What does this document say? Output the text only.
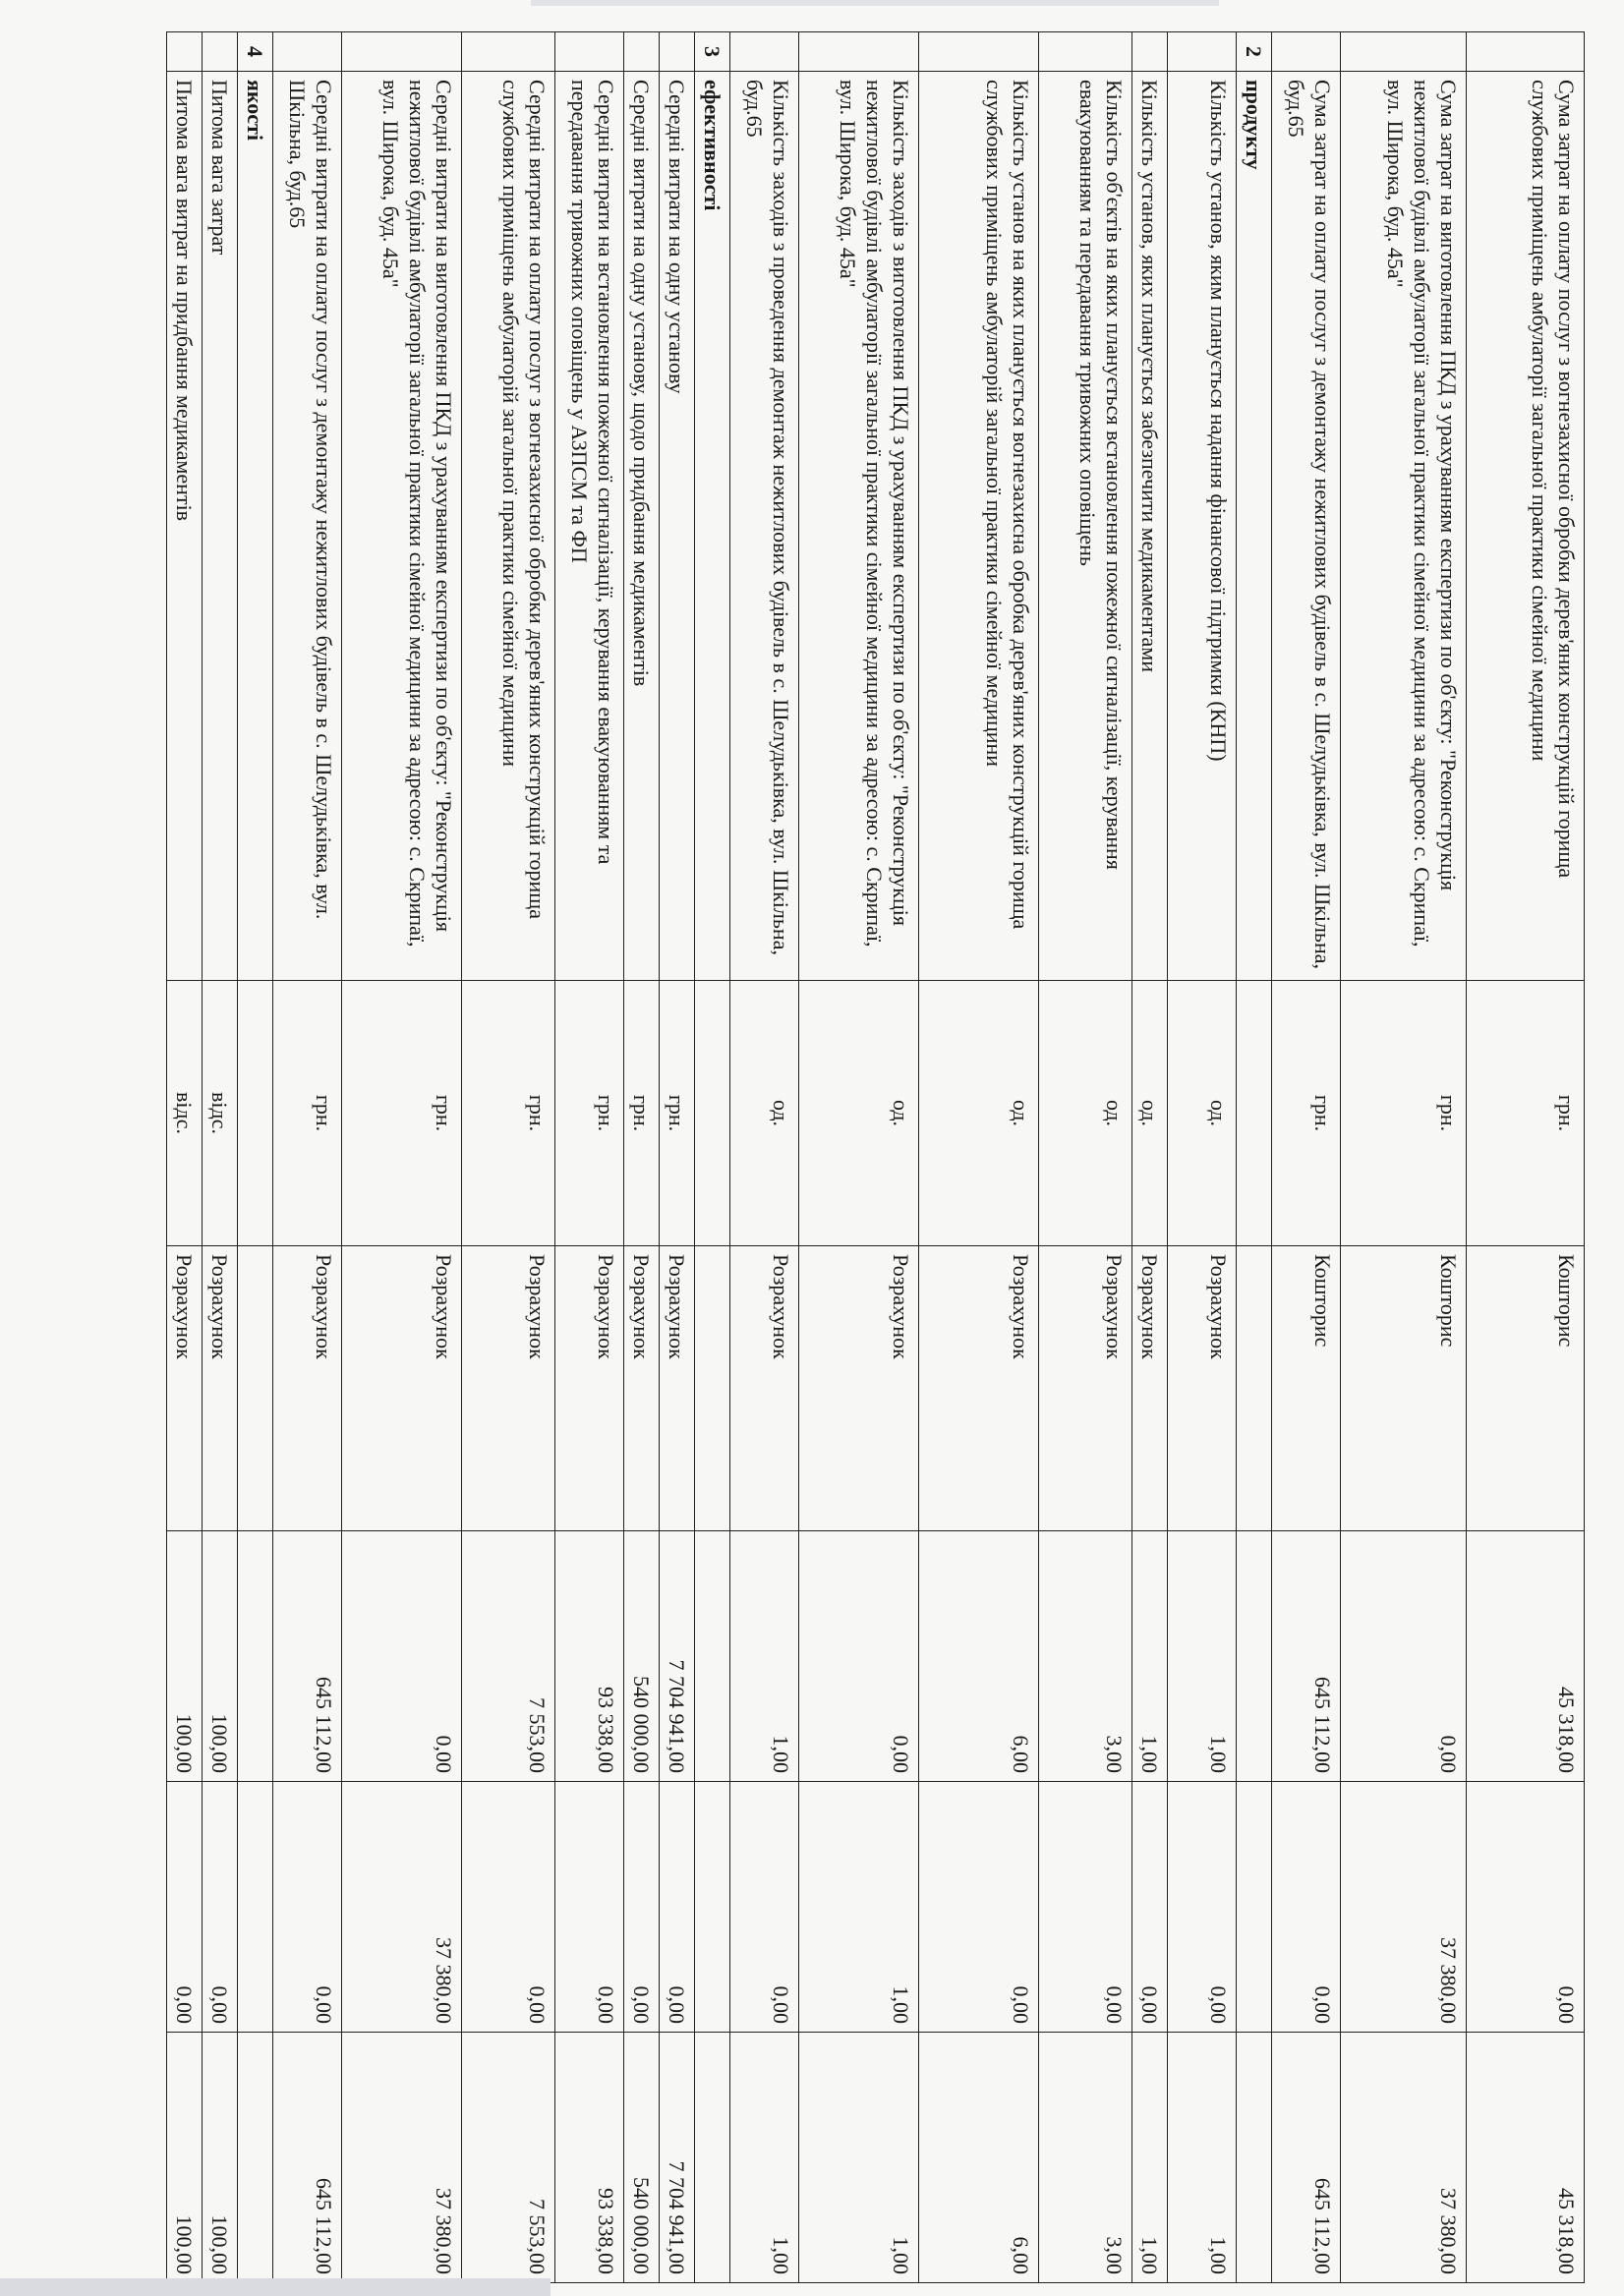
	Сума затрат на оплату послуг з вогнезахисної обробки дерев'яних конструкцій горища службових приміщень амбулаторії загальної практики сімейної медицини	грн.	Кошторис	45 318,00	0,00	45 318,00
	Сума затрат на виготовлення ПКД з урахуванням експертизи по об'єкту: "Реконструкція нежитлової будівлі амбулаторії загальної практики сімейної медицини за адресою: с. Скрипаї, вул. Широка, буд. 45а"	грн.	Кошторис	0,00	37 380,00	37 380,00
	Сума затрат на оплату послуг з демонтажу нежитлових будівель в с. Шелудьківка, вул. Шкільна, буд.65	грн.	Кошторис	645 112,00	0,00	645 112,00
2	продукту					
	Кількість установ, яким планується надання фінансової підтримки (КНП)	од.	Розрахунок	1,00	0,00	1,00
	Кількість установ, яких планується забезпечити медикаментами	од.	Розрахунок	1,00	0,00	1,00
	Кількість об'єктів на яких планується встановлення пожежної сигналізації, керування евакуюванням та передавання тривожних оповіщень	од.	Розрахунок	3,00	0,00	3,00
	Кількість установ на яких планується вогнезахисна обробка дерев'яних конструкцій горища службових приміщень амбулаторій загальної практики сімейної медицини	од.	Розрахунок	6,00	0,00	6,00
	Кількість заходів з виготовлення ПКД з урахуванням експертизи по об'єкту: "Реконструкція нежитлової будівлі амбулаторії загальної практики сімейної медицини за адресою: с. Скрипаї, вул. Широка, буд. 45а"	од.	Розрахунок	0,00	1,00	1,00
	Кількість заходів з проведення демонтаж нежитлових будівель в с. Шелудьківка, вул. Шкільна, буд.65	од.	Розрахунок	1,00	0,00	1,00
3	ефективності					
	Середні витрати на одну установу	грн.	Розрахунок	7 704 941,00	0,00	7 704 941,00
	Середні витрати на одну установу, щодо придбання медикаментів	грн.	Розрахунок	540 000,00	0,00	540 000,00
	Середні витрати на встановлення пожежної сигналізації, керування евакуюванням та передавання тривожних оповіщень у АЗПСМ та ФП	грн.	Розрахунок	93 338,00	0,00	93 338,00
	Середні витрати на оплату послуг з вогнезахисної обробки дерев'яних конструкцій горища службових приміщень амбулаторій загальної практики сімейної медицини	грн.	Розрахунок	7 553,00	0,00	7 553,00
	Середні витрати на виготовлення ПКД з урахуванням експертизи по об'єкту: "Реконструкція нежитлової будівлі амбулаторії загальної практики сімейної медицини за адресою: с. Скрипаї, вул. Широка, буд. 45а"	грн.	Розрахунок	0,00	37 380,00	37 380,00
	Середні витрати на оплату послуг з демонтажу нежитлових будівель в с. Шелудьківка, вул. Шкільна, буд.65	грн.	Розрахунок	645 112,00	0,00	645 112,00
4	якості					
	Питома вага затрат	відс.	Розрахунок	100,00	0,00	100,00
	Питома вага витрат на придбання медикаментів	відс.	Розрахунок	100,00	0,00	100,00
